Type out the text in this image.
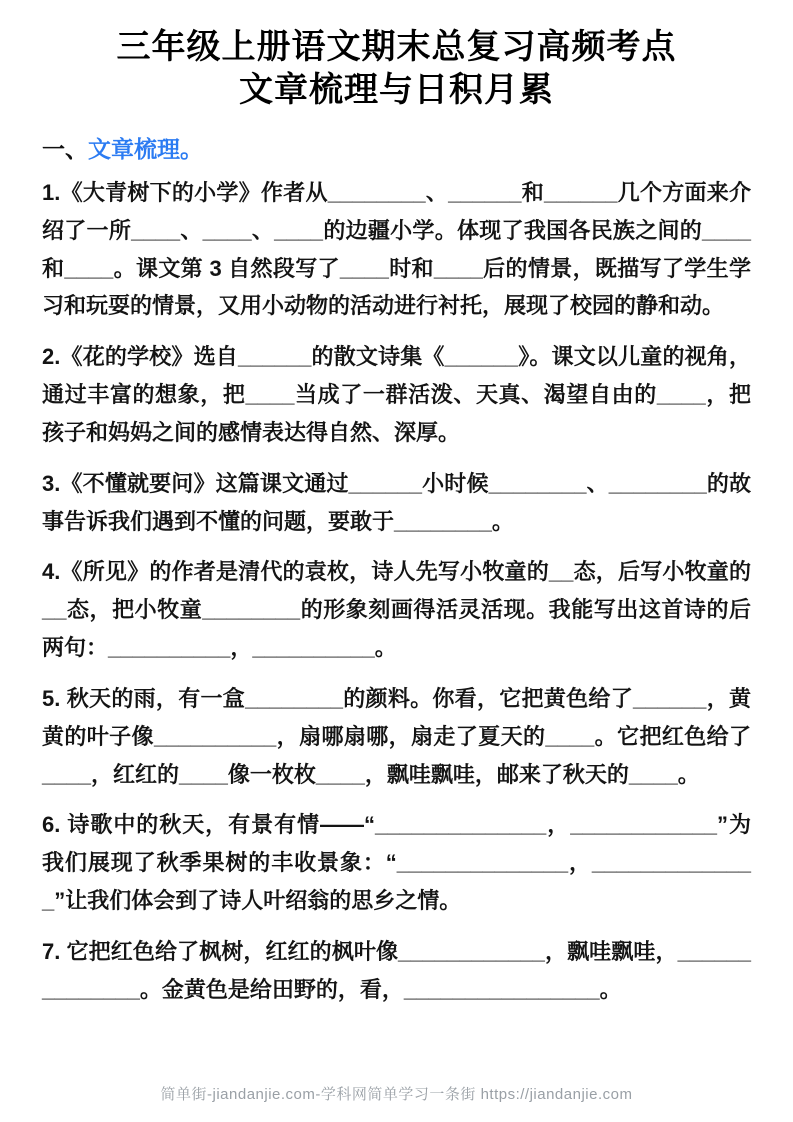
三年级上册语文期末总复习高频考点
文章梳理与日积月累
一、文章梳理。

1.《大青树下的小学》作者从________、______和______几个方面来介绍了一所____、____、____的边疆小学。体现了我国各民族之间的____和____。课文第 3 自然段写了____时和____后的情景，既描写了学生学习和玩耍的情景，又用小动物的活动进行衬托，展现了校园的静和动。

2.《花的学校》选自______的散文诗集《______》。课文以儿童的视角，通过丰富的想象，把____当成了一群活泼、天真、渴望自由的____，把孩子和妈妈之间的感情表达得自然、深厚。

3.《不懂就要问》这篇课文通过______小时候________、________的故事告诉我们遇到不懂的问题，要敢于________。

4.《所见》的作者是清代的袁枚，诗人先写小牧童的__态，后写小牧童的__态，把小牧童________的形象刻画得活灵活现。我能写出这首诗的后两句：__________，__________。

5. 秋天的雨，有一盒________的颜料。你看，它把黄色给了______，黄黄的叶子像__________，扇哪扇哪，扇走了夏天的____。它把红色给了____，红红的____像一枚枚____，飘哇飘哇，邮来了秋天的____。

6. 诗歌中的秋天，有景有情——“______________，____________”为我们展现了秋季果树的丰收景象：“______________，______________”让我们体会到了诗人叶绍翁的思乡之情。

7. 它把红色给了枫树，红红的枫叶像____________，飘哇飘哇，______________。金黄色是给田野的，看，________________。

简单街-jiandanjie.com-学科网简单学习一条街 https://jiandanjie.com
